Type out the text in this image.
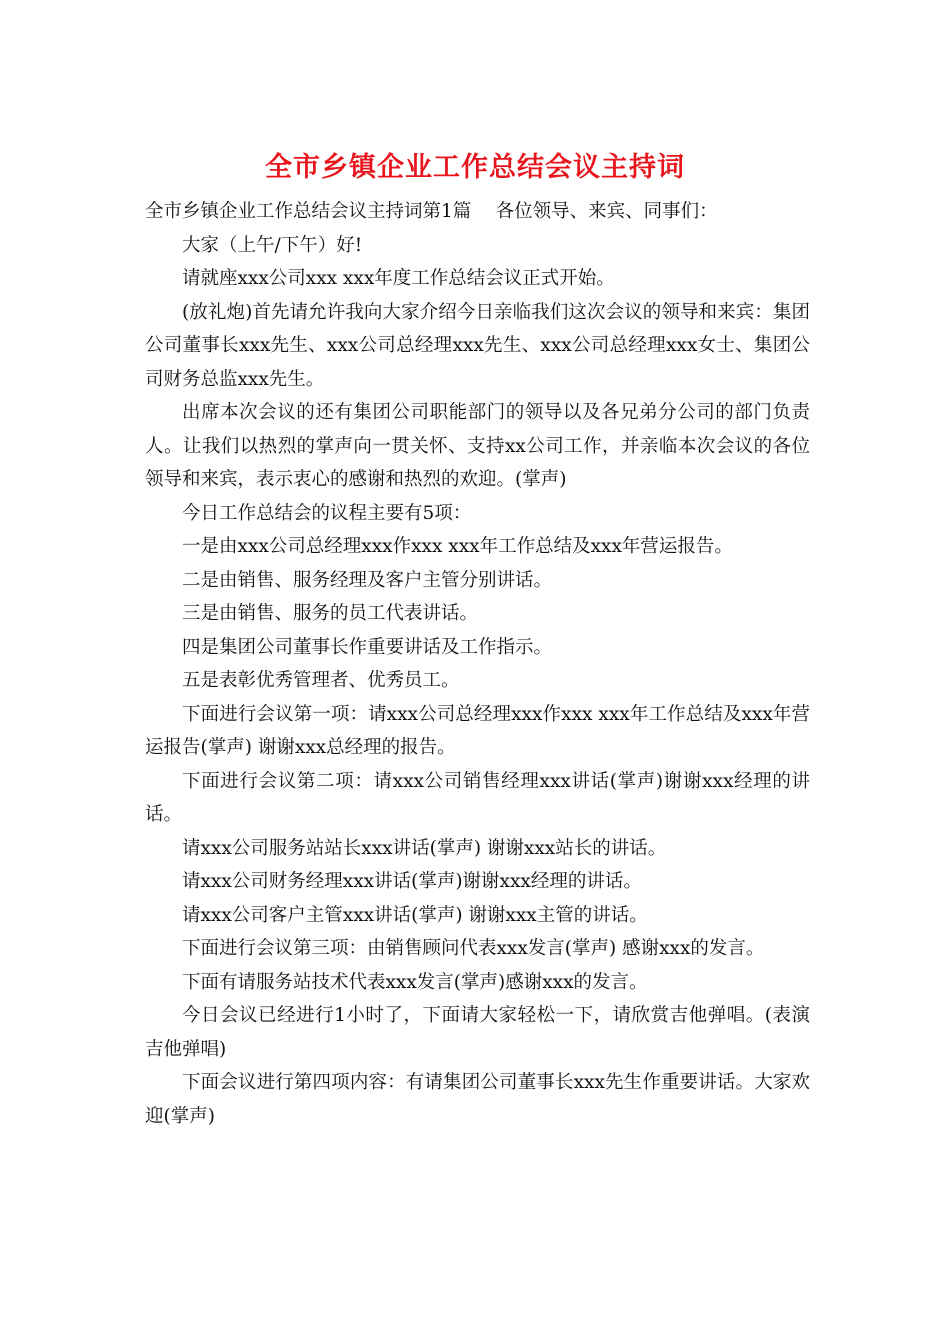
全市乡镇企业工作总结会议主持词

全市乡镇企业工作总结会议主持词第1篇　 各位领导、来宾、同事们：

大家（上午/下午）好!

请就座xxx公司xxx xxx年度工作总结会议正式开始。

(放礼炮)首先请允许我向大家介绍今日亲临我们这次会议的领导和来宾：集团公司董事长xxx先生、xxx公司总经理xxx先生、xxx公司总经理xxx女士、集团公司财务总监xxx先生。

出席本次会议的还有集团公司职能部门的领导以及各兄弟分公司的部门负责人。让我们以热烈的掌声向一贯关怀、支持xx公司工作，并亲临本次会议的各位领导和来宾，表示衷心的感谢和热烈的欢迎。(掌声)

今日工作总结会的议程主要有5项：

一是由xxx公司总经理xxx作xxx xxx年工作总结及xxx年营运报告。

二是由销售、服务经理及客户主管分别讲话。

三是由销售、服务的员工代表讲话。

四是集团公司董事长作重要讲话及工作指示。

五是表彰优秀管理者、优秀员工。

下面进行会议第一项：请xxx公司总经理xxx作xxx xxx年工作总结及xxx年营运报告(掌声) 谢谢xxx总经理的报告。

下面进行会议第二项：请xxx公司销售经理xxx讲话(掌声)谢谢xxx经理的讲话。

请xxx公司服务站站长xxx讲话(掌声) 谢谢xxx站长的讲话。

请xxx公司财务经理xxx讲话(掌声)谢谢xxx经理的讲话。

请xxx公司客户主管xxx讲话(掌声) 谢谢xxx主管的讲话。

下面进行会议第三项：由销售顾问代表xxx发言(掌声) 感谢xxx的发言。

下面有请服务站技术代表xxx发言(掌声)感谢xxx的发言。

今日会议已经进行1小时了，下面请大家轻松一下，请欣赏吉他弹唱。(表演吉他弹唱)

下面会议进行第四项内容：有请集团公司董事长xxx先生作重要讲话。大家欢迎(掌声)
